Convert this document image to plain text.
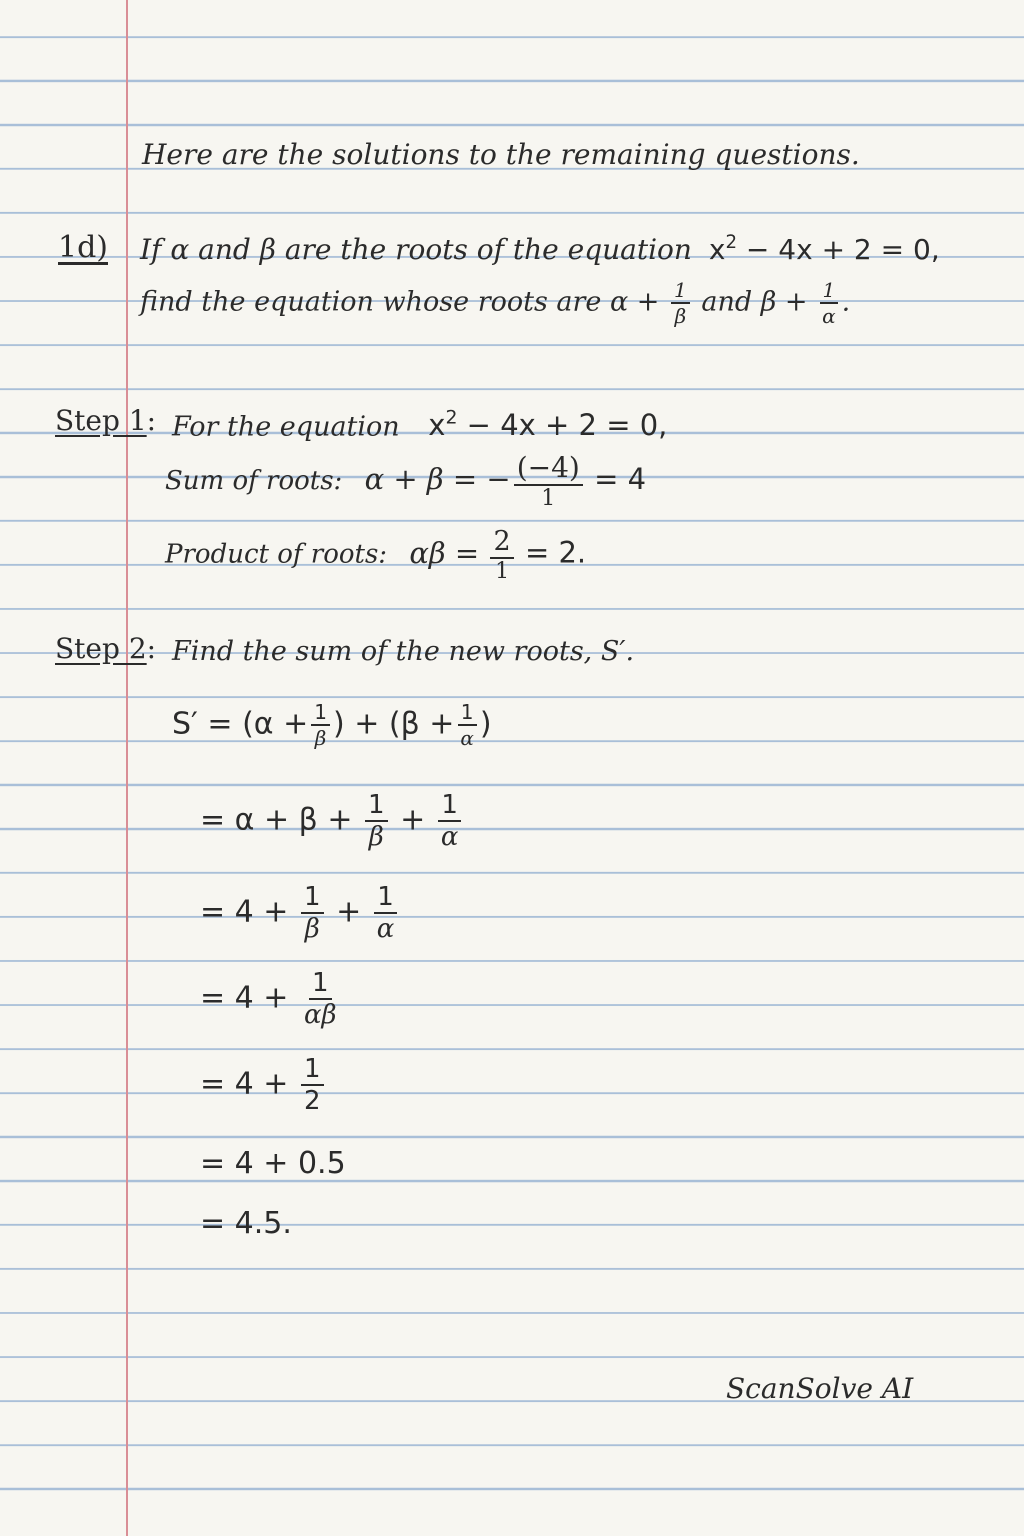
Here are the solutions to the remaining questions.
1d) If α and β are the roots of the equation $x^2 - 4x + 2 = 0$,
find the equation whose roots are $\alpha + \frac{1}{\beta}$ and $\beta + \frac{1}{\alpha}$ .
Step 1: For the equation $x^2 - 4x + 2 = 0$,
Sum of roots: α + β = − $\frac{(-4)}{1} = 4$
Product of roots: $\alpha\beta = \frac{2}{1} = 2$.
Step 2: Find the sum of the new roots, S′.
$S' = (\alpha + \frac{1}{\beta}$ ) + ($\beta + \frac{1}{\alpha}$ )
= $\alpha + \beta + \frac{1}{\beta} + \frac{1}{\alpha}$
= $4 + \frac{1}{\beta} + \frac{1}{\alpha}$
= $4 + \frac{1}{\alpha\beta}$
= $4 + \frac{1}{2}$
= 4 + 0.5
= 4.5.
ScanSolve AI
